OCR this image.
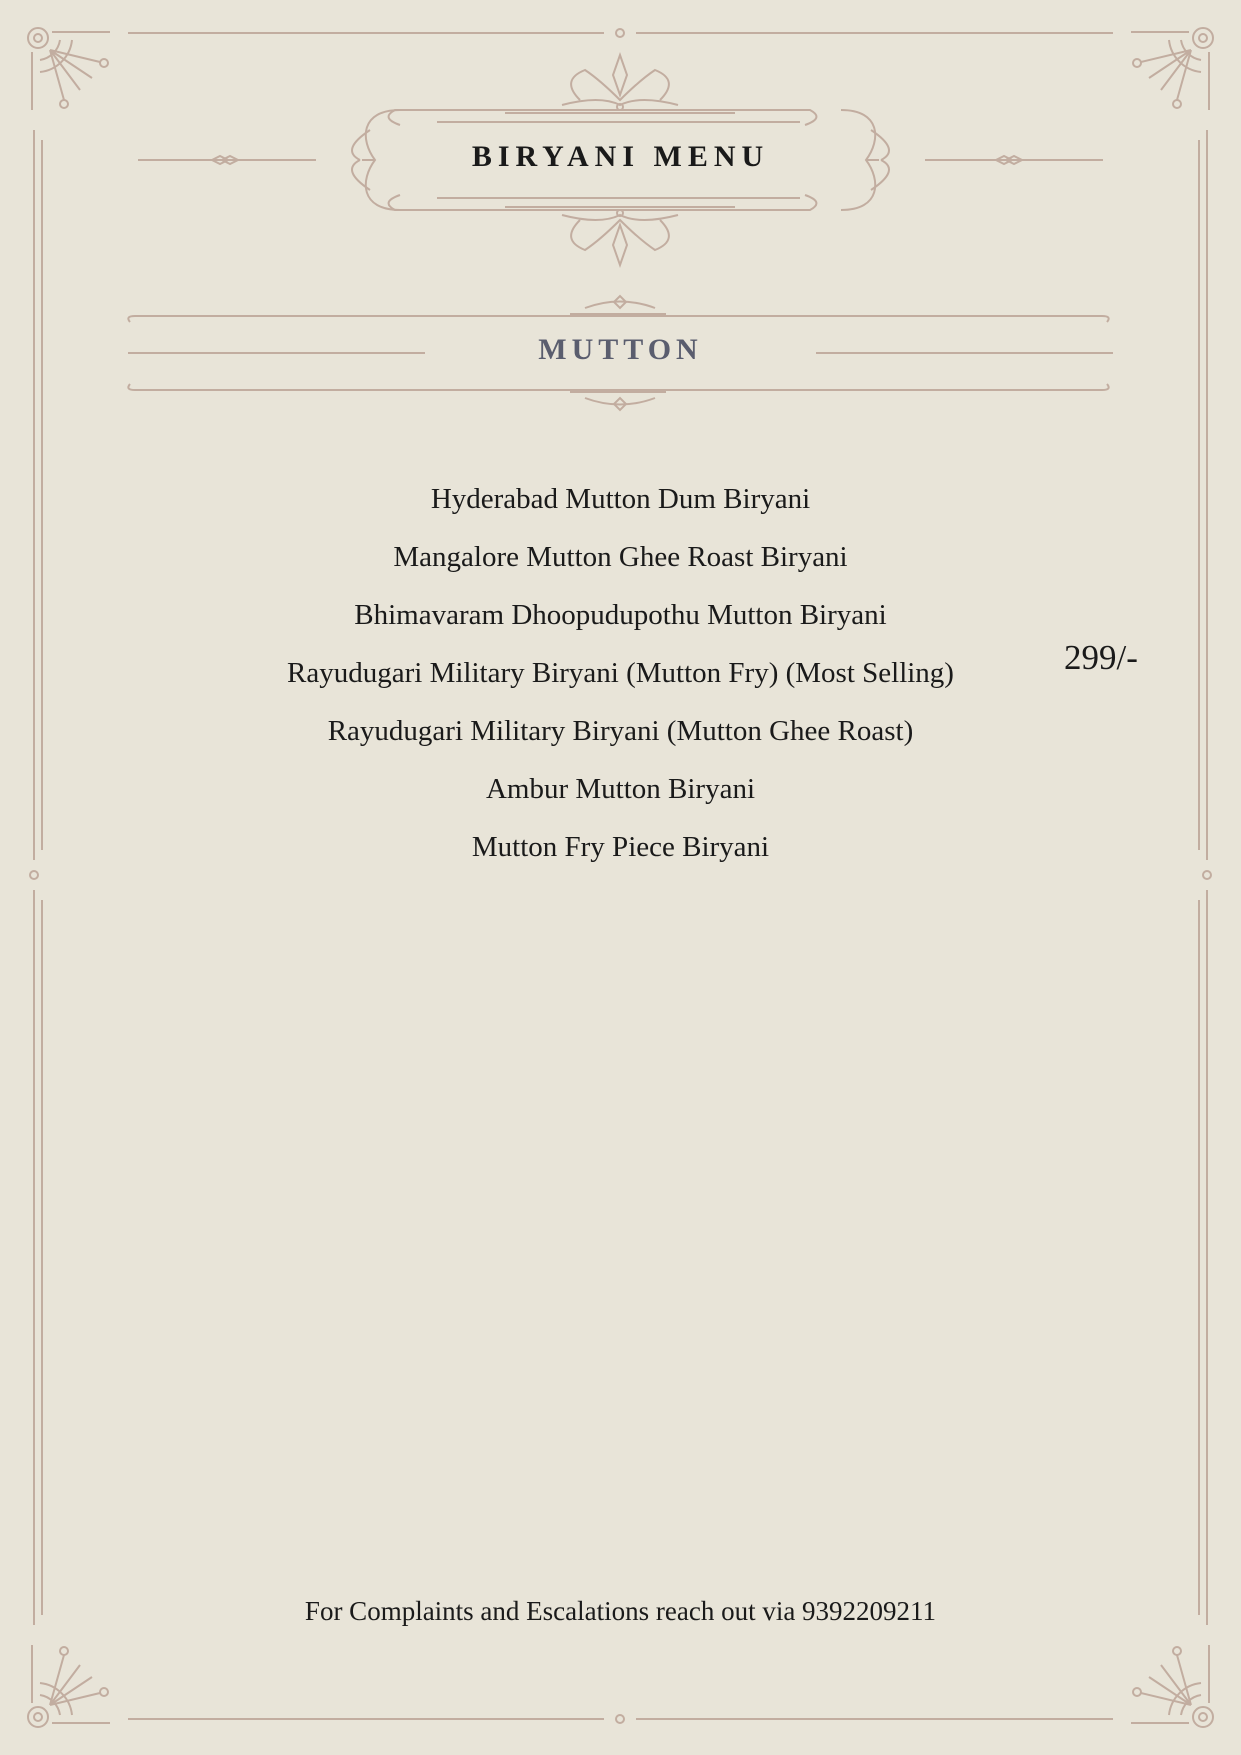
BIRYANI MENU
MUTTON
Hyderabad Mutton Dum Biryani
Mangalore Mutton Ghee Roast Biryani
Bhimavaram Dhoopudupothu Mutton Biryani
Rayudugari Military Biryani (Mutton Fry) (Most Selling)
Rayudugari Military Biryani (Mutton Ghee Roast)
Ambur Mutton Biryani
Mutton Fry Piece Biryani
299/-
For Complaints and Escalations reach out via 9392209211
